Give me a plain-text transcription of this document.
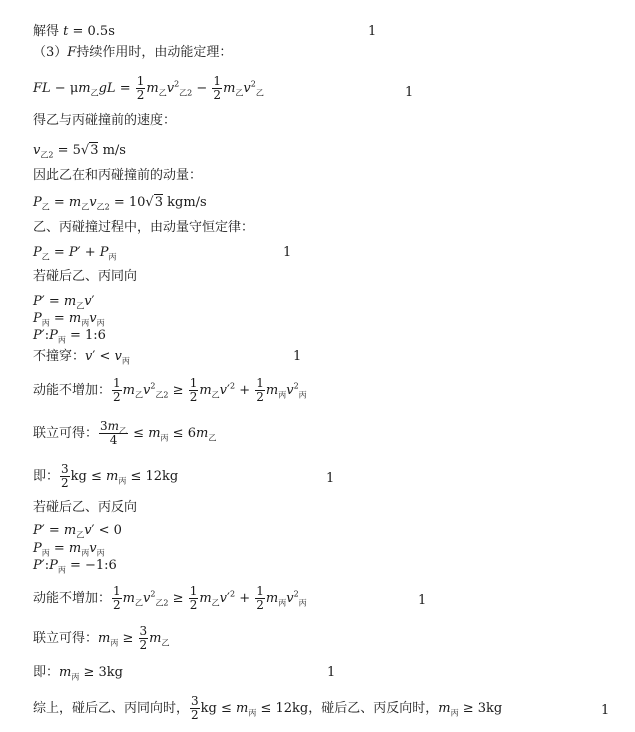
解得 t = 0.5s	1
（3）F持续作用时，由动能定理：
FL − $\mu m_乙gL = \frac{1}{2} m_乙v^2_{乙2} - \frac{1}{2} m_乙v^2_乙$	1
得乙与丙碰撞前的速度：
$v_{乙2} = 5√3$ m/s
因此乙在和丙碰撞前的动量：
$P_乙 = m_乙v_{乙2} = 10√3$ kgm/s
乙、丙碰撞过程中，由动量守恒定律：
$P_乙 = P' + P_丙$	1
若碰后乙、丙同向
$P' = m_乙v'$
$P_丙 = m_丙v_丙$
$P':P_丙$ = 1:6
不撞穿：$v' < v_丙$	1
动能不增加： $\frac{1}{2} m_乙v^2_{乙2} \ge \frac{1}{2} m_乙v'^2 + \frac{1}{2} m_丙v^2_丙$
联立可得： $\frac{3m_乙}{4} \le m_丙 \le 6m_乙$
即： $\frac{3}{2}$ kg ≤ $m_丙 \le 12kg$	1
若碰后乙、丙反向
$P' = m_乙v' < 0$
$P_丙 = m_丙v_丙$
$P':P_丙$ = −1:6
动能不增加： $\frac{1}{2} m_乙v^2_{乙2} \ge \frac{1}{2} m_乙v'^2 + \frac{1}{2} m_丙v^2_丙$	1
联立可得：$m_丙 \ge \frac{3}{2} m_乙$
即：$m_丙 \ge 3kg$	1
综上，碰后乙、丙同向时， $\frac{3}{2}$ kg ≤ $m_丙 \le 12kg$，碰后乙、丙反向时，$m_丙 \ge 3kg$	1
